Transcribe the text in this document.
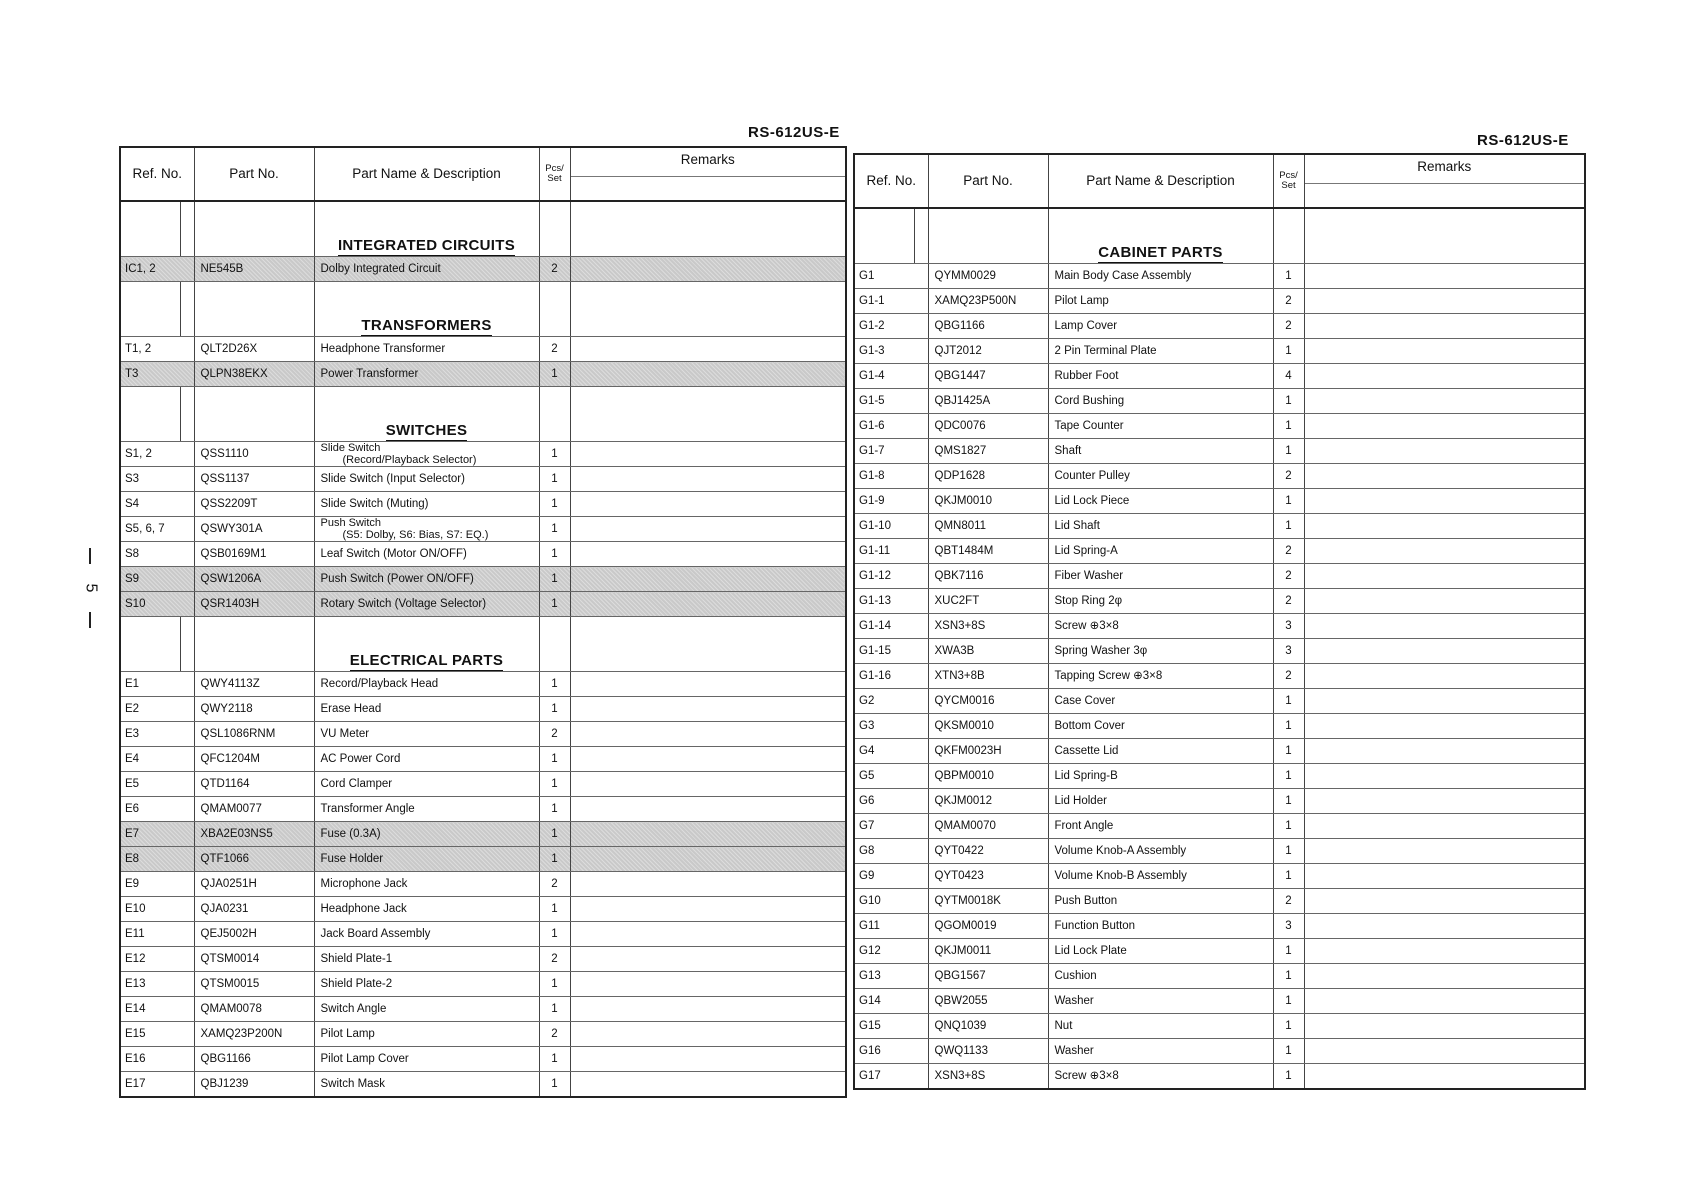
RS-612US-E	RS-612US-E
5
Ref. No.		Part No.	Part Name & Description	Pcs/
Set	Remarks
			INTEGRATED CIRCUITS		
IC1, 2		NE545B	Dolby Integrated Circuit	2	
			TRANSFORMERS		
T1, 2		QLT2D26X	Headphone Transformer	2	
T3		QLPN38EKX	Power Transformer	1	
			SWITCHES		
S1, 2		QSS1110	Slide Switch

(Record/Playback Selector)	1	
S3		QSS1137	Slide Switch (Input Selector)	1	
S4		QSS2209T	Slide Switch (Muting)	1	
S5, 6, 7		QSWY301A	Push Switch

(S5: Dolby, S6: Bias, S7: EQ.)	1	
S8		QSB0169M1	Leaf Switch (Motor ON/OFF)	1	
S9		QSW1206A	Push Switch (Power ON/OFF)	1	
S10		QSR1403H	Rotary Switch (Voltage Selector)	1	
			ELECTRICAL PARTS		
E1		QWY4113Z	Record/Playback Head	1	
E2		QWY2118	Erase Head	1	
E3		QSL1086RNM	VU Meter	2	
E4		QFC1204M	AC Power Cord	1	
E5		QTD1164	Cord Clamper	1	
E6		QMAM0077	Transformer Angle	1	
E7		XBA2E03NS5	Fuse (0.3A)	1	
E8		QTF1066	Fuse Holder	1	
E9		QJA0251H	Microphone Jack	2	
E10		QJA0231	Headphone Jack	1	
E11		QEJ5002H	Jack Board Assembly	1	
E12		QTSM0014	Shield Plate-1	2	
E13		QTSM0015	Shield Plate-2	1	
E14		QMAM0078	Switch Angle	1	
E15		XAMQ23P200N	Pilot Lamp	2	
E16		QBG1166	Pilot Lamp Cover	1	
E17		QBJ1239	Switch Mask	1	
Ref. No.		Part No.	Part Name & Description	Pcs/
Set	Remarks
			CABINET PARTS		
G1		QYMM0029	Main Body Case Assembly	1	
G1-1		XAMQ23P500N	Pilot Lamp	2	
G1-2		QBG1166	Lamp Cover	2	
G1-3		QJT2012	2 Pin Terminal Plate	1	
G1-4		QBG1447	Rubber Foot	4	
G1-5		QBJ1425A	Cord Bushing	1	
G1-6		QDC0076	Tape Counter	1	
G1-7		QMS1827	Shaft	1	
G1-8		QDP1628	Counter Pulley	2	
G1-9		QKJM0010	Lid Lock Piece	1	
G1-10		QMN8011	Lid Shaft	1	
G1-11		QBT1484M	Lid Spring-A	2	
G1-12		QBK7116	Fiber Washer	2	
G1-13		XUC2FT	Stop Ring 2φ	2	
G1-14		XSN3+8S	Screw ⊕3×8	3	
G1-15		XWA3B	Spring Washer 3φ	3	
G1-16		XTN3+8B	Tapping Screw ⊕3×8	2	
G2		QYCM0016	Case Cover	1	
G3		QKSM0010	Bottom Cover	1	
G4		QKFM0023H	Cassette Lid	1	
G5		QBPM0010	Lid Spring-B	1	
G6		QKJM0012	Lid Holder	1	
G7		QMAM0070	Front Angle	1	
G8		QYT0422	Volume Knob-A Assembly	1	
G9		QYT0423	Volume Knob-B Assembly	1	
G10		QYTM0018K	Push Button	2	
G11		QGOM0019	Function Button	3	
G12		QKJM0011	Lid Lock Plate	1	
G13		QBG1567	Cushion	1	
G14		QBW2055	Washer	1	
G15		QNQ1039	Nut	1	
G16		QWQ1133	Washer	1	
G17		XSN3+8S	Screw ⊕3×8	1	
